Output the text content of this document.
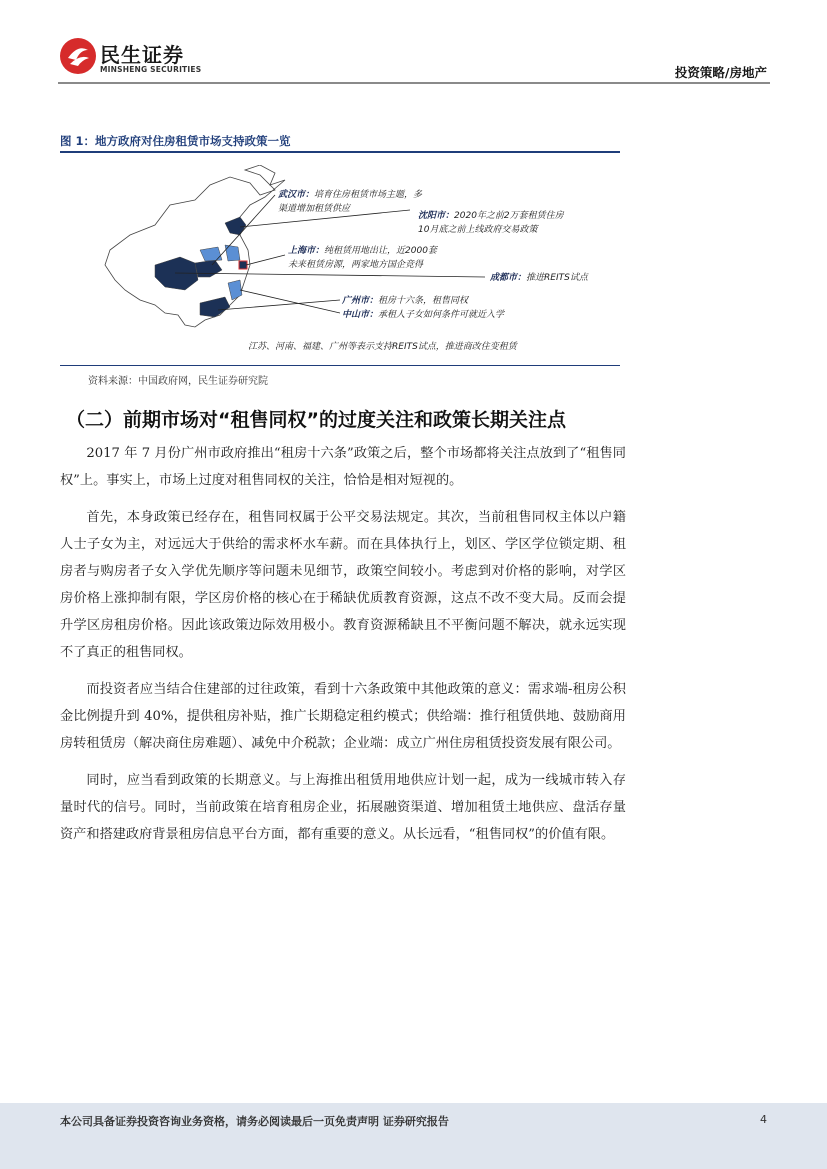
民生证券
MINSHENG SECURITIES	投资策略/房地产
图 1：地方政府对住房租赁市场支持政策一览
武汉市：培育住房租赁市场主题，多
渠道增加租赁供应
沈阳市：2020年之前2万套租赁住房
10月底之前上线政府交易政策
上海市：纯租赁用地出让，近2000套
未来租赁房源，两家地方国企竞得
成都市：推进REITS试点
广州市：租房十六条，租售同权
中山市：承租人子女如何条件可就近入学
江苏、河南、福建、广州等表示支持REITS试点，推进商改住变租赁
资料来源：中国政府网，民生证券研究院
（二）前期市场对“租售同权”的过度关注和政策长期关注点

2017 年 7 月份广州市政府推出“租房十六条”政策之后，整个市场都将关注点放到了“租售同权”上。事实上，市场上过度对租售同权的关注，恰恰是相对短视的。

首先，本身政策已经存在，租售同权属于公平交易法规定。其次，当前租售同权主体以户籍人士子女为主，对远远大于供给的需求杯水车薪。而在具体执行上，划区、学区学位锁定期、租房者与购房者子女入学优先顺序等问题未见细节，政策空间较小。考虑到对价格的影响，对学区房价格上涨抑制有限，学区房价格的核心在于稀缺优质教育资源，这点不改不变大局。反而会提升学区房租房价格。因此该政策边际效用极小。教育资源稀缺且不平衡问题不解决，就永远实现不了真正的租售同权。

而投资者应当结合住建部的过往政策，看到十六条政策中其他政策的意义：需求端-租房公积金比例提升到 40%，提供租房补贴，推广长期稳定租约模式；供给端：推行租赁供地、鼓励商用房转租赁房（解决商住房难题）、减免中介税款；企业端：成立广州住房租赁投资发展有限公司。

同时，应当看到政策的长期意义。与上海推出租赁用地供应计划一起，成为一线城市转入存量时代的信号。同时，当前政策在培育租房企业，拓展融资渠道、增加租赁土地供应、盘活存量资产和搭建政府背景租房信息平台方面，都有重要的意义。从长远看，“租售同权”的价值有限。

本公司具备证券投资咨询业务资格，请务必阅读最后一页免责声明 证券研究报告	4
